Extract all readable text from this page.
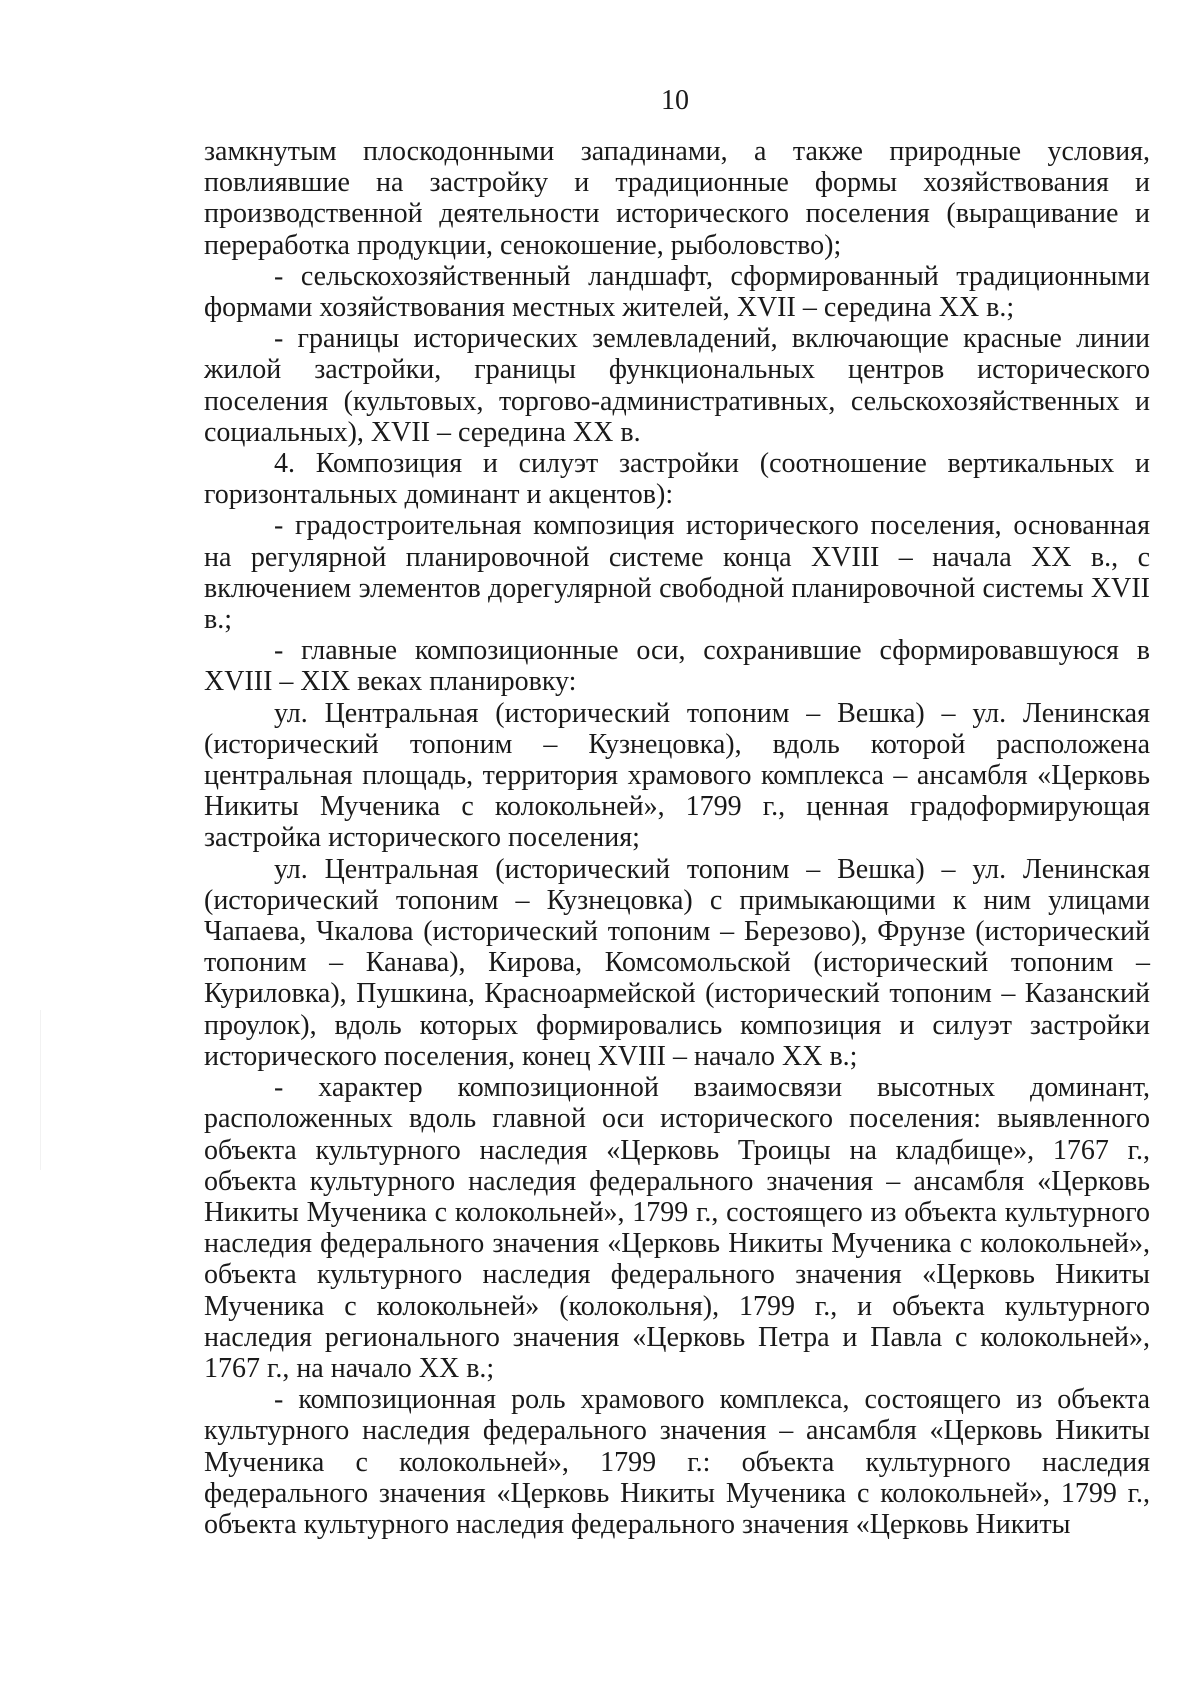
10

замкнутым плоскодонными западинами, а также природные условия, повлиявшие на застройку и традиционные формы хозяйствования и производственной деятельности исторического поселения (выращивание и переработка продукции, сенокошение, рыболовство);

- сельскохозяйственный ландшафт, сформированный традиционными формами хозяйствования местных жителей, XVII – середина XX в.;

- границы исторических землевладений, включающие красные линии жилой застройки, границы функциональных центров исторического поселения (культовых, торгово-административных, сельскохозяйственных и социальных), XVII – середина XX в.

4. Композиция и силуэт застройки (соотношение вертикальных и горизонтальных доминант и акцентов):

- градостроительная композиция исторического поселения, основанная на регулярной планировочной системе конца XVIII – начала XX в., с включением элементов дорегулярной свободной планировочной системы XVII в.;

- главные композиционные оси, сохранившие сформировавшуюся в XVIII – XIX веках планировку:

ул. Центральная (исторический топоним – Вешка) – ул. Ленинская (исторический топоним – Кузнецовка), вдоль которой расположена центральная площадь, территория храмового комплекса – ансамбля «Церковь Никиты Мученика с колокольней», 1799 г., ценная градоформирующая застройка исторического поселения;

ул. Центральная (исторический топоним – Вешка) – ул. Ленинская (исторический топоним – Кузнецовка) с примыкающими к ним улицами Чапаева, Чкалова (исторический топоним – Березово), Фрунзе (исторический топоним – Канава), Кирова, Комсомольской (исторический топоним – Куриловка), Пушкина, Красноармейской (исторический топоним – Казанский проулок), вдоль которых формировались композиция и силуэт застройки исторического поселения, конец XVIII – начало XX в.;

- характер композиционной взаимосвязи высотных доминант, расположенных вдоль главной оси исторического поселения: выявленного объекта культурного наследия «Церковь Троицы на кладбище», 1767 г., объекта культурного наследия федерального значения – ансамбля «Церковь Никиты Мученика с колокольней», 1799 г., состоящего из объекта культурного наследия федерального значения «Церковь Никиты Мученика с колокольней», объекта культурного наследия федерального значения «Церковь Никиты Мученика с колокольней» (колокольня), 1799 г., и объекта культурного наследия регионального значения «Церковь Петра и Павла с колокольней», 1767 г., на начало XX в.;

- композиционная роль храмового комплекса, состоящего из объекта культурного наследия федерального значения – ансамбля «Церковь Никиты Мученика с колокольней», 1799 г.: объекта культурного наследия федерального значения «Церковь Никиты Мученика с колокольней», 1799 г., объекта культурного наследия федерального значения «Церковь Никиты
